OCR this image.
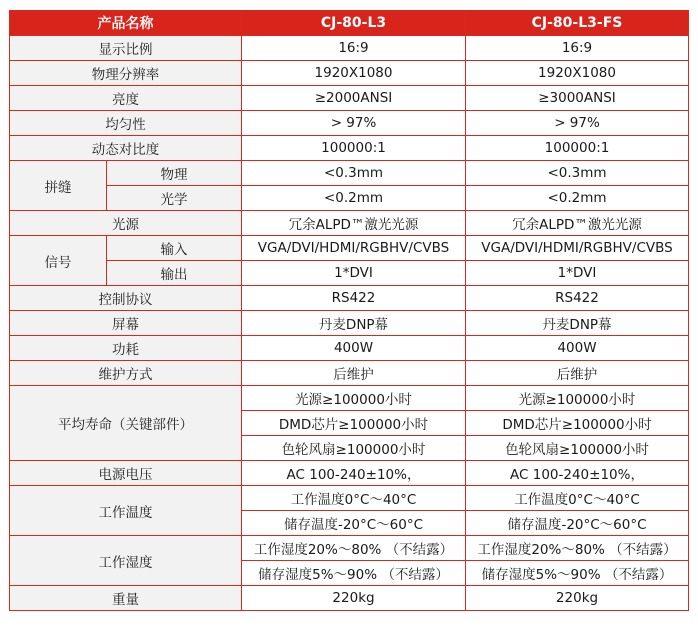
产品名称		CJ-80-L3	CJ-80-L3-FS
显示比例		16:9	16:9
物理分辨率		1920X1080	1920X1080
亮度		≥2000ANSI	≥3000ANSI
均匀性		> 97%	> 97%
动态对比度		100000:1	100000:1
拼缝	物理	<0.3mm	<0.3mm
	光学	<0.2mm	<0.2mm
光源		冗余ALPD™激光光源	冗余ALPD™激光光源
信号	输入	VGA/DVI/HDMI/RGBHV/CVBS	VGA/DVI/HDMI/RGBHV/CVBS
	输出	1*DVI	1*DVI
控制协议		RS422	RS422
屏幕		丹麦DNP幕	丹麦DNP幕
功耗		400W	400W
维护方式		后维护	后维护
平均寿命（关键部件）		光源≥100000小时	光源≥100000小时
		DMD芯片≥100000小时	DMD芯片≥100000小时
		色轮风扇≥100000小时	色轮风扇≥100000小时
电源电压		AC 100-240±10%，	AC 100-240±10%，
工作温度		工作温度0°C～40°C	工作温度0°C～40°C
		储存温度-20°C～60°C	储存温度-20°C～60°C
工作湿度		工作湿度20%～80% （不结露）	工作湿度20%～80% （不结露）
		储存湿度5%～90% （不结露）	储存湿度5%～90% （不结露）
重量		220kg	220kg
